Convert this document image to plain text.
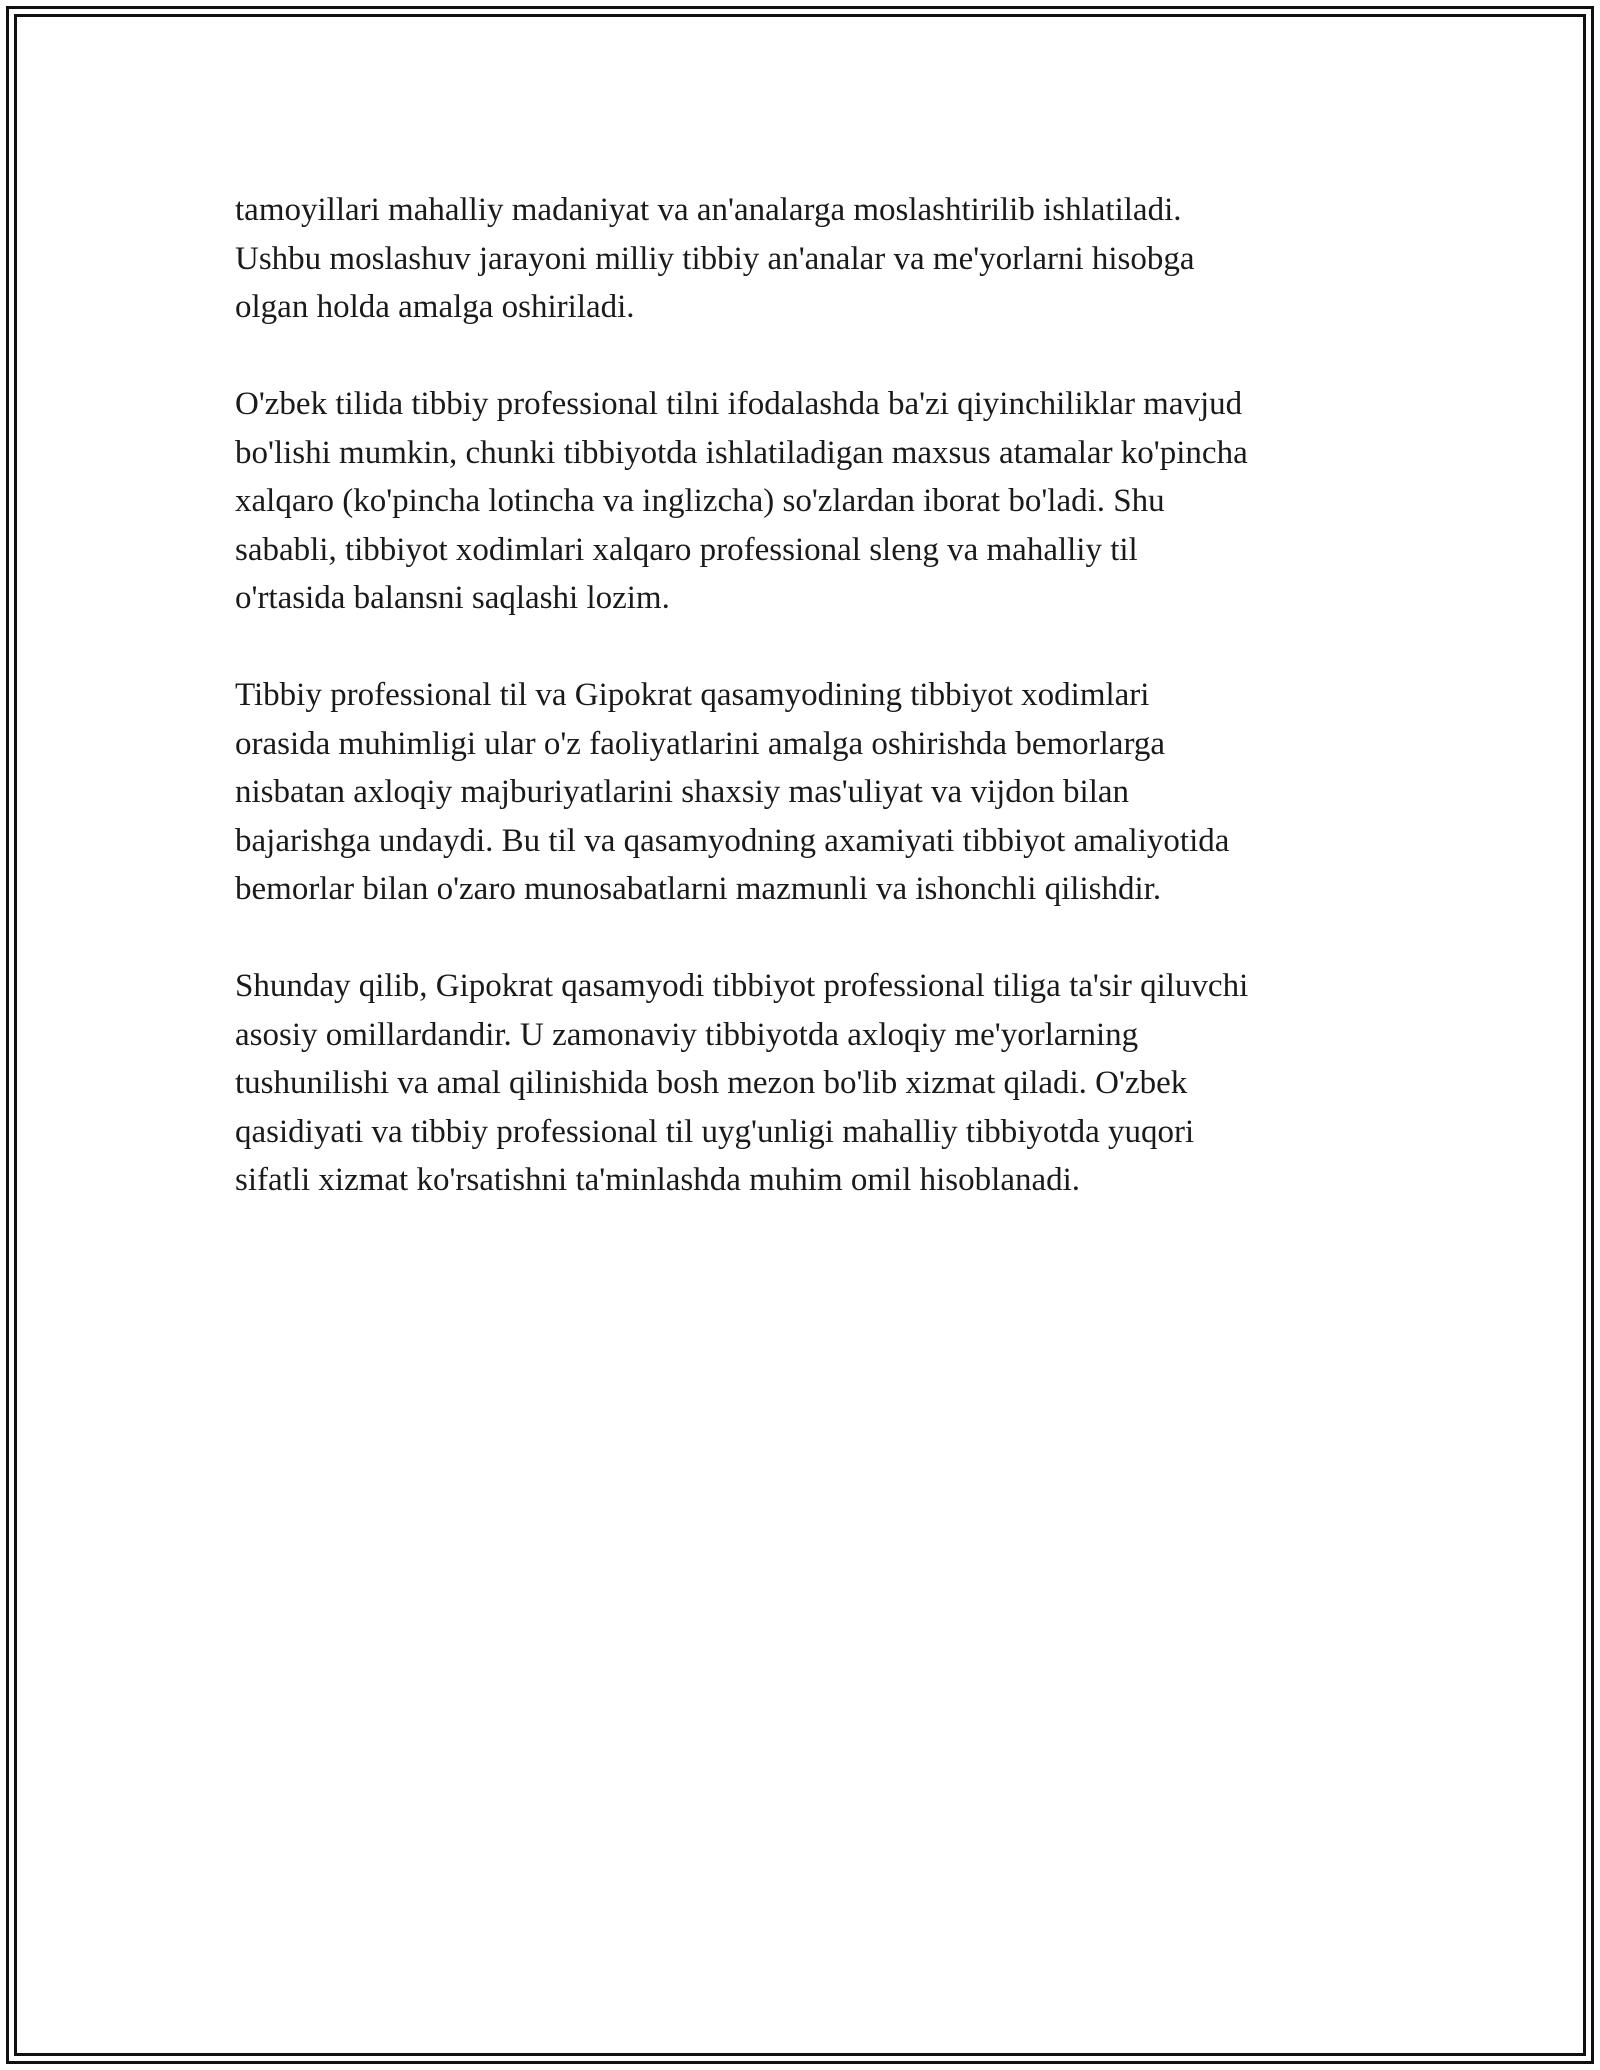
tamoyillari mahalliy madaniyat va an'analarga moslashtirilib ishlatiladi.
Ushbu moslashuv jarayoni milliy tibbiy an'analar va me'yorlarni hisobga
olgan holda amalga oshiriladi.

O'zbek tilida tibbiy professional tilni ifodalashda ba'zi qiyinchiliklar mavjud
bo'lishi mumkin, chunki tibbiyotda ishlatiladigan maxsus atamalar ko'pincha
xalqaro (ko'pincha lotincha va inglizcha) so'zlardan iborat bo'ladi. Shu
sababli, tibbiyot xodimlari xalqaro professional sleng va mahalliy til
o'rtasida balansni saqlashi lozim.

Tibbiy professional til va Gipokrat qasamyodining tibbiyot xodimlari
orasida muhimligi ular o'z faoliyatlarini amalga oshirishda bemorlarga
nisbatan axloqiy majburiyatlarini shaxsiy mas'uliyat va vijdon bilan
bajarishga undaydi. Bu til va qasamyodning axamiyati tibbiyot amaliyotida
bemorlar bilan o'zaro munosabatlarni mazmunli va ishonchli qilishdir.

Shunday qilib, Gipokrat qasamyodi tibbiyot professional tiliga ta'sir qiluvchi
asosiy omillardandir. U zamonaviy tibbiyotda axloqiy me'yorlarning
tushunilishi va amal qilinishida bosh mezon bo'lib xizmat qiladi. O'zbek
qasidiyati va tibbiy professional til uyg'unligi mahalliy tibbiyotda yuqori
sifatli xizmat ko'rsatishni ta'minlashda muhim omil hisoblanadi.
